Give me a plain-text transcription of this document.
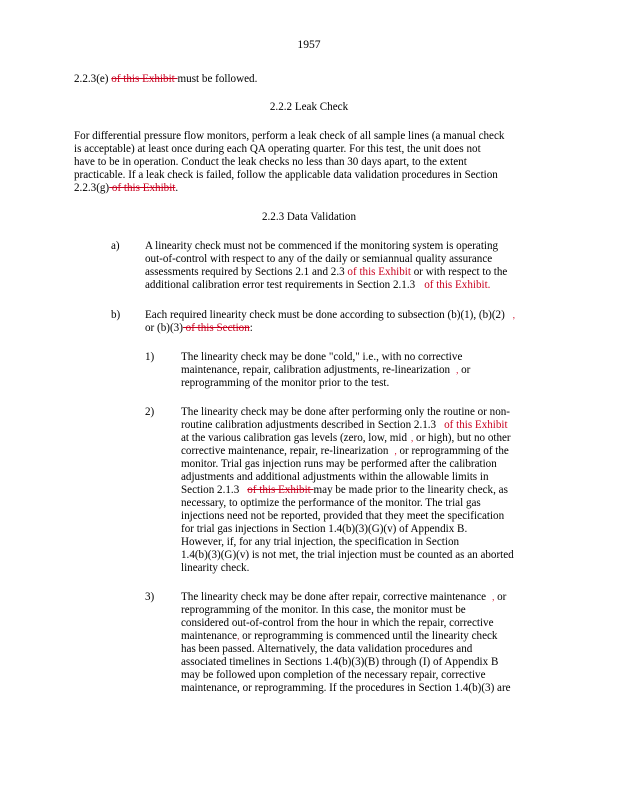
1957
2.2.3(e) of this Exhibit must be followed.
2.2.2 Leak Check
For differential pressure flow monitors, perform a leak check of all sample lines (a manual check
is acceptable) at least once during each QA operating quarter. For this test, the unit does not
have to be in operation. Conduct the leak checks no less than 30 days apart, to the extent
practicable. If a leak check is failed, follow the applicable data validation procedures in Section
2.2.3(g) of this Exhibit.
2.2.3 Data Validation
a) A linearity check must not be commenced if the monitoring system is operating
out-of-control with respect to any of the daily or semiannual quality assurance
assessments required by Sections 2.1 and 2.3 of this Exhibit or with respect to the
additional calibration error test requirements in Section 2.1.3 of this Exhibit.
b) Each required linearity check must be done according to subsection (b)(1), (b)(2) ,
or (b)(3) of this Section:
1) The linearity check may be done "cold," i.e., with no corrective
maintenance, repair, calibration adjustments, re-linearization , or
reprogramming of the monitor prior to the test.
2) The linearity check may be done after performing only the routine or non-
routine calibration adjustments described in Section 2.1.3 of this Exhibit
at the various calibration gas levels (zero, low, mid , or high), but no other
corrective maintenance, repair, re-linearization , or reprogramming of the
monitor. Trial gas injection runs may be performed after the calibration
adjustments and additional adjustments within the allowable limits in
Section 2.1.3 of this Exhibit may be made prior to the linearity check, as
necessary, to optimize the performance of the monitor. The trial gas
injections need not be reported, provided that they meet the specification
for trial gas injections in Section 1.4(b)(3)(G)(v) of Appendix B.
However, if, for any trial injection, the specification in Section
1.4(b)(3)(G)(v) is not met, the trial injection must be counted as an aborted
linearity check.
3) The linearity check may be done after repair, corrective maintenance , or
reprogramming of the monitor. In this case, the monitor must be
considered out-of-control from the hour in which the repair, corrective
maintenance, or reprogramming is commenced until the linearity check
has been passed. Alternatively, the data validation procedures and
associated timelines in Sections 1.4(b)(3)(B) through (I) of Appendix B
may be followed upon completion of the necessary repair, corrective
maintenance, or reprogramming. If the procedures in Section 1.4(b)(3) are
